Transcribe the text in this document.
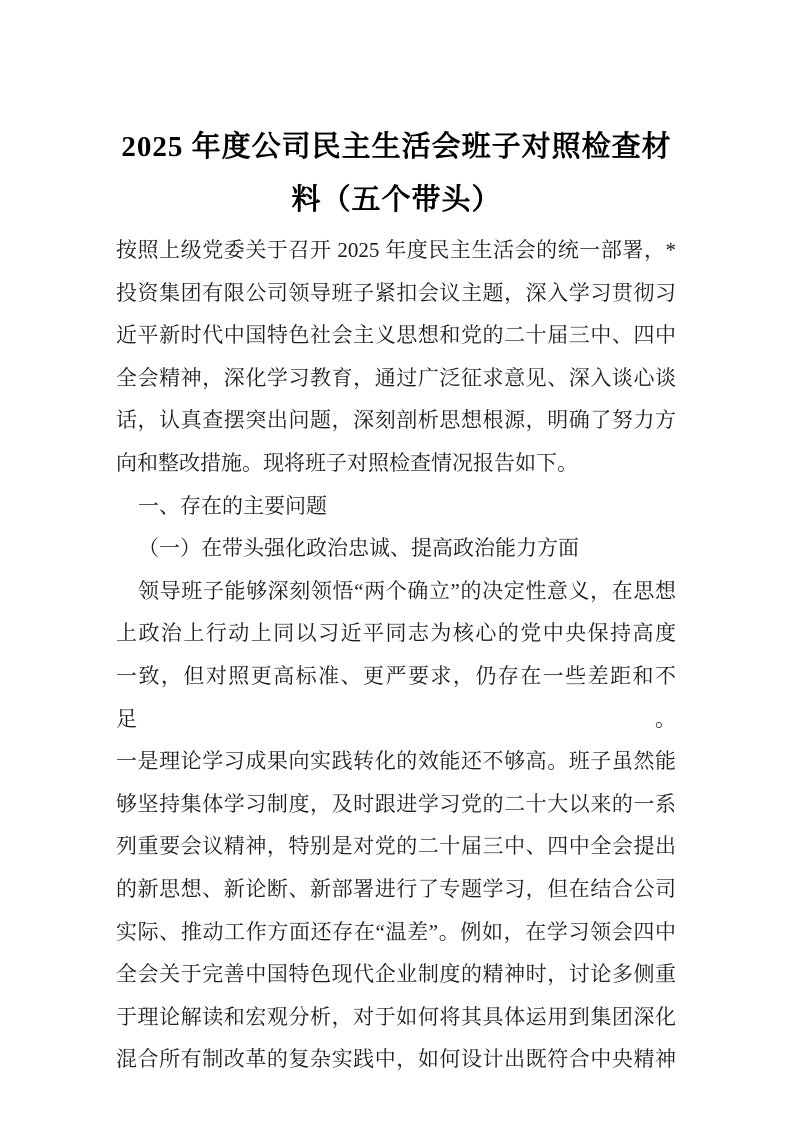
2025 年度公司民主生活会班子对照检查材
料（五个带头）
按照上级党委关于召开 2025 年度民主生活会的统一部署，*
投资集团有限公司领导班子紧扣会议主题，深入学习贯彻习
近平新时代中国特色社会主义思想和党的二十届三中、四中
全会精神，深化学习教育，通过广泛征求意见、深入谈心谈
话，认真查摆突出问题，深刻剖析思想根源，明确了努力方
向和整改措施。现将班子对照检查情况报告如下。
一、存在的主要问题
（一）在带头强化政治忠诚、提高政治能力方面
领导班子能够深刻领悟“两个确立”的决定性意义，在思想
上政治上行动上同以习近平同志为核心的党中央保持高度
一致，但对照更高标准、更严要求，仍存在一些差距和不足。
一是理论学习成果向实践转化的效能还不够高。班子虽然能
够坚持集体学习制度，及时跟进学习党的二十大以来的一系
列重要会议精神，特别是对党的二十届三中、四中全会提出
的新思想、新论断、新部署进行了专题学习，但在结合公司
实际、推动工作方面还存在“温差”。例如，在学习领会四中
全会关于完善中国特色现代企业制度的精神时，讨论多侧重
于理论解读和宏观分析，对于如何将其具体运用到集团深化
混合所有制改革的复杂实践中，如何设计出既符合中央精神
